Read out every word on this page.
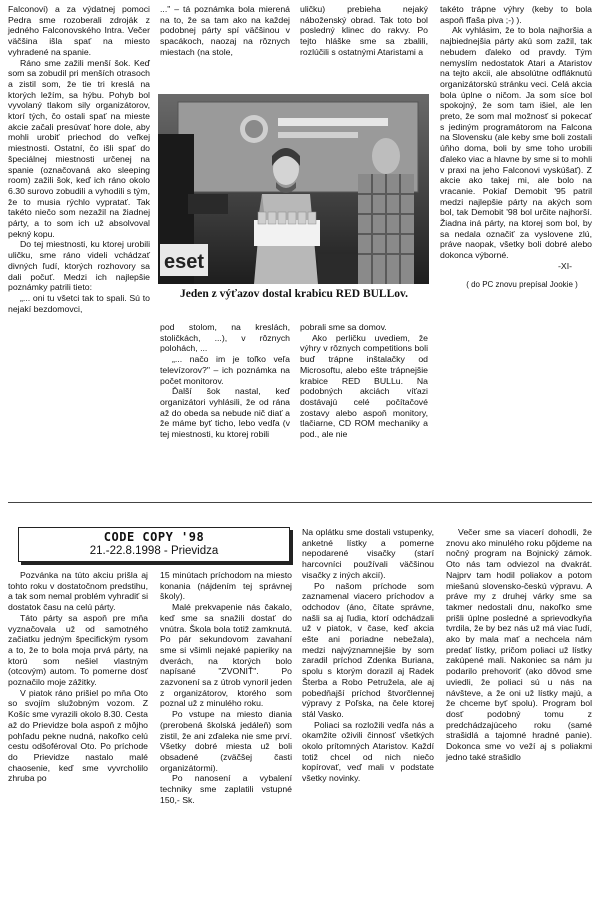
Falconovi) a za výdatnej pomoci Pedra sme rozoberali zdroják z jedného Falconovského Intra. Večer väčšina išla spať na miesto vyhradené na spanie.

Ráno sme zažili menší šok. Keď som sa zobudil pri menších otrasoch a zistil som, že tie tri kreslá na ktorých ležím, sa hýbu. Pohyb bol vyvolaný tlakom sily organizátorov, ktorí tých, čo ostali spať na mieste akcie začali presúvať hore dole, aby mohli urobiť priechod do veľkej miestnosti. Ostatní, čo išli spať do špeciálnej miestnosti určenej na spanie (označovaná ako sleeping room) zažili šok, keď ich ráno okolo 6.30 surovo zobudili a vyhodili s tým, že to musia rýchlo vypratať. Tak takéto niečo som nezažil na žiadnej párty, a to som ich už absolvoval pekný kopu.

Do tej miestnosti, ku ktorej urobili uličku, sme ráno videli vchádzať divných ľudí, ktorých rozhovory sa dali počuť. Medzi ich najlepšie poznámky patrili tieto:

„... oni tu všetci tak to spali. Sú to nejakí bezdomovci,

..." – tá poznámka bola mierená na to, že sa tam ako na každej podobnej párty spí väčšinou v spacákoch, naozaj na rôznych miestach (na stole,

uličku) prebieha nejaký náboženský obrad. Tak toto bol posledný klinec do rakvy. Po tejto hláške sme sa zbalili, rozlúčili s ostatnými Ataristami a

eset
Jeden z výťazov dostal krabicu RED BULLov.

pod stolom, na kreslách, stoličkách, ...), v rôznych polohách, ...

„... načo im je toľko veľa televízorov?" – ich poznámka na počet monitorov.

Ďalší šok nastal, keď organizátori vyhlásili, že od rána až do obeda sa nebude nič diať a že máme byť ticho, lebo vedľa (v tej miestnosti, ku ktorej robili

pobrali sme sa domov.

Ako perličku uvediem, že výhry v rôznych competitions boli buď trápne inštalačky od Microsoftu, alebo ešte trápnejšie krabice RED BULLu. Na podobných akciách víťazi dostávajú celé počítačové zostavy alebo aspoň monitory, tlačiarne, CD ROM mechaniky a pod., ale nie

takéto trápne výhry (keby to bola aspoň fľaša piva ;-) ).

Ak vyhlásim, že to bola najhoršia a najbiednejšia párty akú som zažil, tak nebudem ďaleko od pravdy. Tým nemyslím nedostatok Atari a Ataristov na tejto akcii, ale absolútne odfláknutú organizátorskú stránku veci. Celá akcia bola úplne o ničom. Ja som síce bol spokojný, že som tam išiel, ale len preto, že som mal možnosť si pokecať s jediným programátorom na Falcona na Slovensku (ale keby sme boli zostali úňho doma, boli by sme toho urobili ďaleko viac a hlavne by sme si to mohli v praxi na jeho Falconovi vyskúšať). Z akcie ako takej mi, ale bolo na vracanie. Pokiaľ Demobit '95 patril medzi najlepšie párty na akých som bol, tak Demobit '98 bol určite najhorší. Žiadna iná párty, na ktorej som bol, by sa nedala označiť za vyslovene zlú, práve naopak, všetky boli dobré alebo dokonca výborné.

-XI-

( do PC znovu prepísal Jookie )

CODE COPY '98
21.-22.8.1998 - Prievidza

Pozvánka na túto akciu prišla aj tohto roku v dostatočnom predstihu, a tak som nemal problém vyhradiť si dostatok času na celú párty.

Táto párty sa aspoň pre mňa vyznačovala už od samotného začiatku jedným špecifickým rysom a to, že to bola moja prvá párty, na ktorú som nešiel vlastným (otcovým) autom. To pomerne dosť poznačilo moje zážitky.

V piatok ráno prišiel po mňa Oto so svojím služobným vozom. Z Košíc sme vyrazili okolo 8.30. Cesta až do Prievidze bola aspoň z môjho pohľadu pekne nudná, nakoľko celú cestu odšoféroval Oto. Po príchode do Prievidze nastalo malé chaosenie, keď sme vyvrcholilo zhruba po

15 minútach príchodom na miesto konania (nájdením tej správnej školy).

Malé prekvapenie nás čakalo, keď sme sa snažili dostať do vnútra. Škola bola totiž zamknutá. Po pár sekundovom zavahaní sme si všimli nejaké papieriky na dverách, na ktorých bolo napísané "ZVONIŤ". Po zazvonení sa z útrob vynoril jeden z organizátorov, ktorého som poznal už z minulého roku.

Po vstupe na miesto diania (prerobená školská jedáleň) som zistil, že ani zďaleka nie sme prví. Všetky dobré miesta už boli obsadené (zväčšej časti organizátormi).

Po nanosení a vybalení techniky sme zaplatili vstupné 150,- Sk.

Na oplátku sme dostali vstupenky, anketné lístky a pomerne nepodarené visačky (starí harcovníci používali väčšinou visačky z iných akcií).

Po našom príchode som zaznamenal viacero príchodov a odchodov (áno, čítate správne, našli sa aj ľudia, ktorí odchádzali už v piatok, v čase, keď akcia ešte ani poriadne nebežala), medzi najvýznamnejšie by som zaradil príchod Zdenka Buriana, spolu s ktorým dorazil aj Radek Šterba a Robo Petruželа, ale aj pobedňajší príchod štvorčlennej výpravy z Poľska, na čele ktorej stál Vasko.

Poliaci sa rozložili vedľa nás a okamžite oživili činnosť všetkých okolo prítomných Ataristov. Každí totiž chcel od nich niečo kopírovať, veď mali v podstate všetky novinky.

Večer sme sa viacerí dohodli, že znovu ako minulého roku pôjdeme na nočný program na Bojnický zámok. Oto nás tam odviezol na dvakrát. Najprv tam hodil poliakov a potom miešanú slovensko-českú výpravu. A práve my z druhej várky sme sa takmer nedostali dnu, nakoľko sme prišli úplne posledné a sprievodkyňa tvrdila, že by bez nás už má viac ľudí, ako by mala mať a nechcela nám predať lístky, pričom poliaci už lístky zakúpené mali. Nakoniec sa nám ju podarilo prehovoriť (ako dôvod sme uviedli, že poliaci sú u nás na návšteve, a že oni už lístky majú, a že chceme byť spolu). Program bol dosť podobný tomu z predchádzajúceho roku (samé strašidlá a tajomné hradné panie). Dokonca sme vo veží aj s poliakmi jedno také strašidlo
